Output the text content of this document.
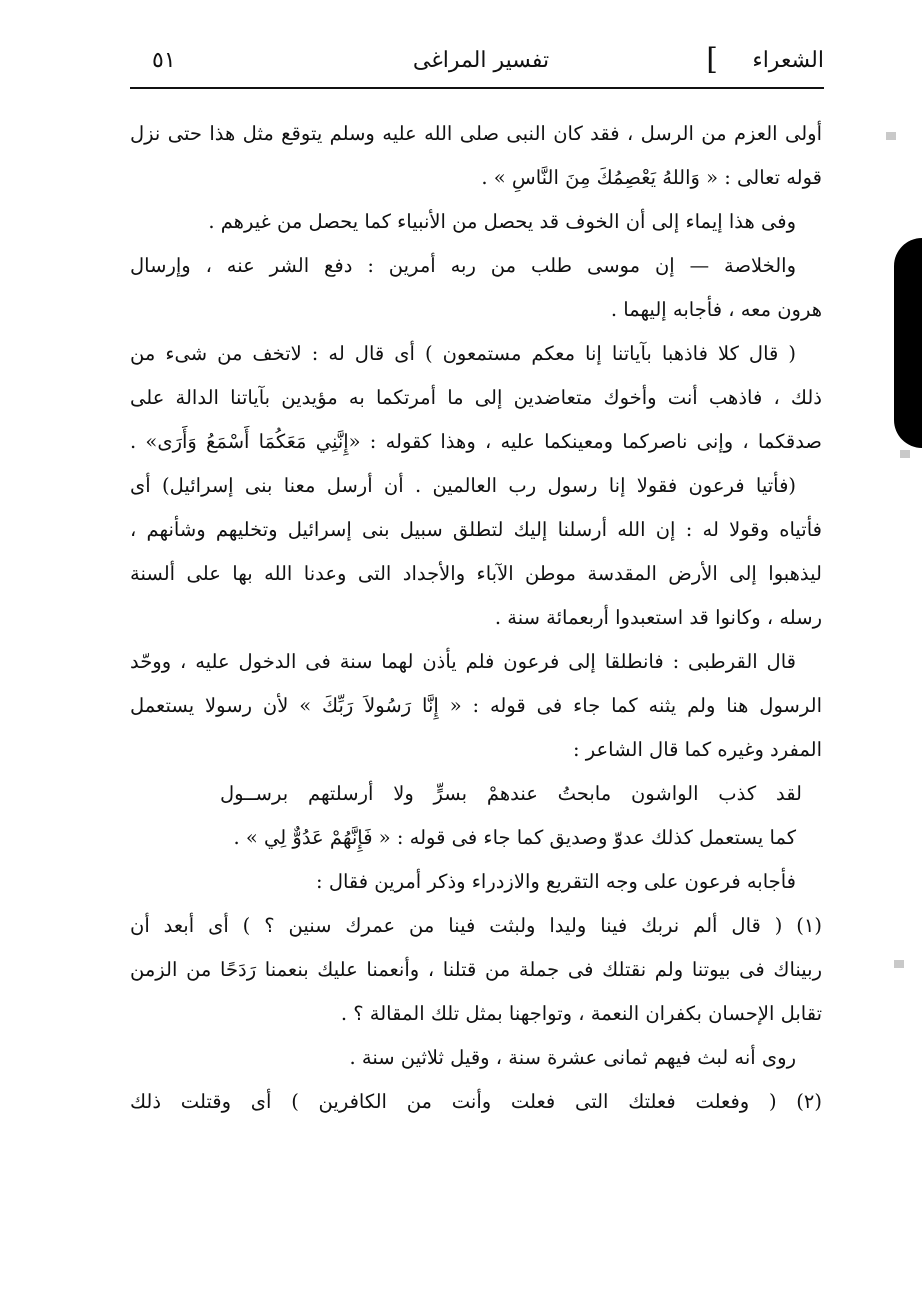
الشعراء
]
تفسير المراغى
٥١
أولى العزم من الرسل ، فقد كان النبى صلى الله عليه وسلم يتوقع مثل هذا حتى نزل
قوله تعالى : « وَاللهُ يَعْصِمُكَ مِنَ النَّاسِ » .
وفى هذا إيماء إلى أن الخوف قد يحصل من الأنبياء كما يحصل من غيرهم .
والخلاصة — إن موسى طلب من ربه أمرين : دفع الشر عنه ، وإرسال
هرون معه ، فأجابه إليهما .
( قال كلا فاذهبا بآياتنا إنا معكم مستمعون ) أى قال له : لاتخف من شىء من
ذلك ، فاذهب أنت وأخوك متعاضدين إلى ما أمرتكما به مؤيدين بآياتنا الدالة على
صدقكما ، وإنى ناصركما ومعينكما عليه ، وهذا كقوله : «إِنَّنِي مَعَكُمَا أَسْمَعُ وَأَرَى» .
(فأتيا فرعون فقولا إنا رسول رب العالمين . أن أرسل معنا بنى إسرائيل) أى
فأتياه وقولا له : إن الله أرسلنا إليك لتطلق سبيل بنى إسرائيل وتخليهم وشأنهم ،
ليذهبوا إلى الأرض المقدسة موطن الآباء والأجداد التى وعدنا الله بها على ألسنة
رسله ، وكانوا قد استعبدوا أربعمائة سنة .
قال القرطبى : فانطلقا إلى فرعون فلم يأذن لهما سنة فى الدخول عليه ، ووحّد
الرسول هنا ولم يثنه كما جاء فى قوله : « إِنَّا رَسُولاَ رَبِّكَ » لأن رسولا يستعمل
المفرد وغيره كما قال الشاعر :
لقد كذب الواشون مابحتُ عندهمْ بسرٍّ ولا أرسلتهم برســول
كما يستعمل كذلك عدوّ وصديق كما جاء فى قوله : « فَإِنَّهُمْ عَدُوٌّ لِي » .
فأجابه فرعون على وجه التقريع والازدراء وذكر أمرين فقال :
(١) ( قال ألم نربك فينا وليدا ولبثت فينا من عمرك سنين ؟ ) أى أبعد أن
ربيناك فى بيوتنا ولم نقتلك فى جملة من قتلنا ، وأنعمنا عليك بنعمنا رَدَحًا من الزمن
تقابل الإحسان بكفران النعمة ، وتواجهنا بمثل تلك المقالة ؟ .
روى أنه لبث فيهم ثمانى عشرة سنة ، وقيل ثلاثين سنة .
(٢) ( وفعلت فعلتك التى فعلت وأنت من الكافرين ) أى وقتلت ذلك
